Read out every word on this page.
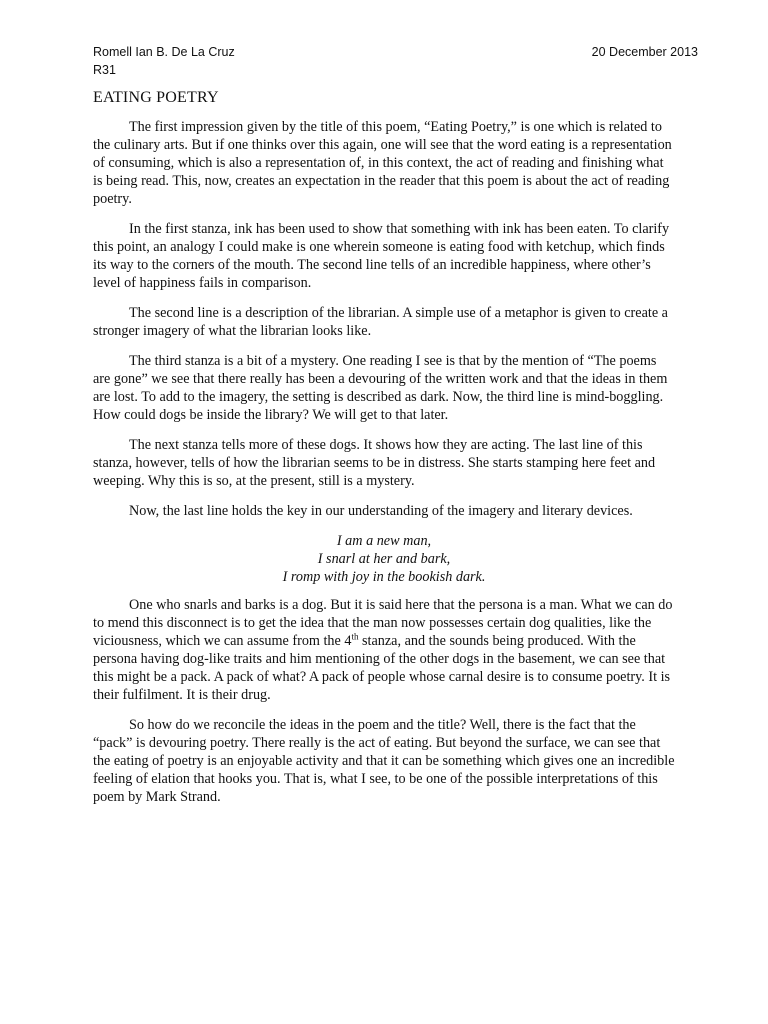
Romell Ian B. De La Cruz	20 December 2013
R31
EATING POETRY

The first impression given by the title of this poem, “Eating Poetry,” is one which is related to the culinary arts. But if one thinks over this again, one will see that the word eating is a representation of consuming, which is also a representation of, in this context, the act of reading and finishing what is being read. This, now, creates an expectation in the reader that this poem is about the act of reading poetry.

In the first stanza, ink has been used to show that something with ink has been eaten. To clarify this point, an analogy I could make is one wherein someone is eating food with ketchup, which finds its way to the corners of the mouth. The second line tells of an incredible happiness, where other’s level of happiness fails in comparison.

The second line is a description of the librarian. A simple use of a metaphor is given to create a stronger imagery of what the librarian looks like.

The third stanza is a bit of a mystery. One reading I see is that by the mention of “The poems are gone” we see that there really has been a devouring of the written work and that the ideas in them are lost. To add to the imagery, the setting is described as dark. Now, the third line is mind-boggling. How could dogs be inside the library? We will get to that later.

The next stanza tells more of these dogs. It shows how they are acting. The last line of this stanza, however, tells of how the librarian seems to be in distress. She starts stamping here feet and weeping. Why this is so, at the present, still is a mystery.

Now, the last line holds the key in our understanding of the imagery and literary devices.

I am a new man,
I snarl at her and bark,
I romp with joy in the bookish dark.

One who snarls and barks is a dog. But it is said here that the persona is a man. What we can do to mend this disconnect is to get the idea that the man now possesses certain dog qualities, like the viciousness, which we can assume from the 4th stanza, and the sounds being produced. With the persona having dog-like traits and him mentioning of the other dogs in the basement, we can see that this might be a pack. A pack of what? A pack of people whose carnal desire is to consume poetry. It is their fulfilment. It is their drug.

So how do we reconcile the ideas in the poem and the title? Well, there is the fact that the “pack” is devouring poetry. There really is the act of eating. But beyond the surface, we can see that the eating of poetry is an enjoyable activity and that it can be something which gives one an incredible feeling of elation that hooks you. That is, what I see, to be one of the possible interpretations of this poem by Mark Strand.
